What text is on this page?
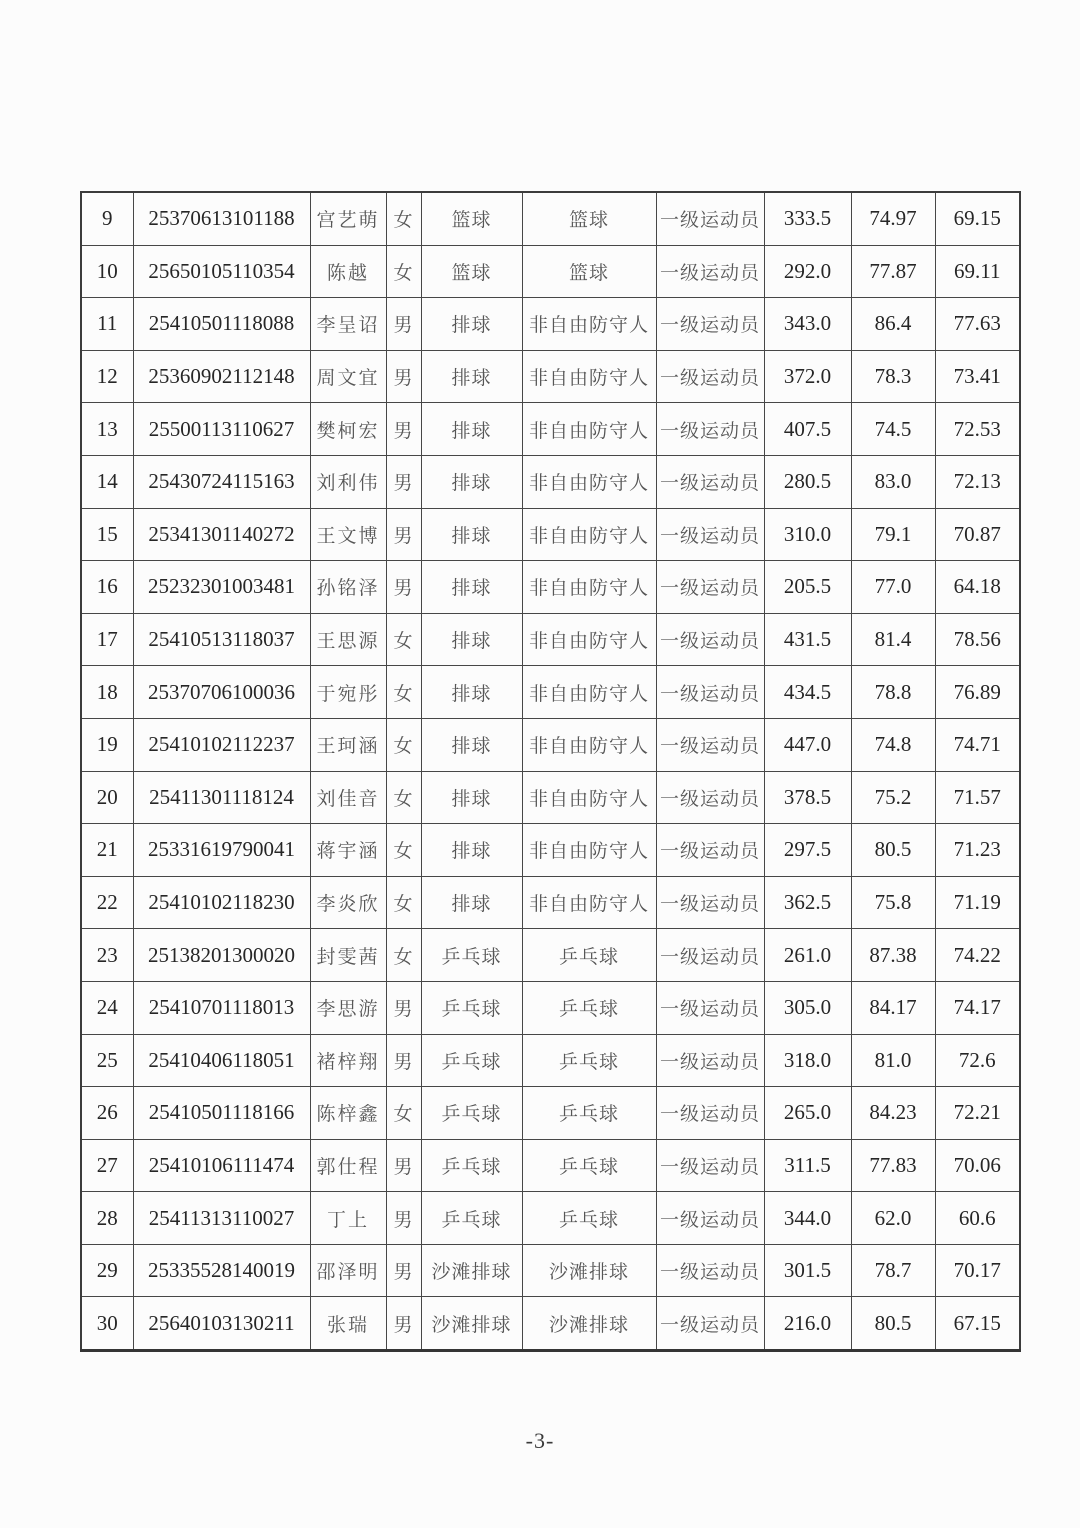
9	25370613101188	宫艺萌	女	篮球	篮球	一级运动员	333.5	74.97	69.15
10	25650105110354	陈越	女	篮球	篮球	一级运动员	292.0	77.87	69.11
11	25410501118088	李呈诏	男	排球	非自由防守人	一级运动员	343.0	86.4	77.63
12	25360902112148	周文宜	男	排球	非自由防守人	一级运动员	372.0	78.3	73.41
13	25500113110627	樊柯宏	男	排球	非自由防守人	一级运动员	407.5	74.5	72.53
14	25430724115163	刘利伟	男	排球	非自由防守人	一级运动员	280.5	83.0	72.13
15	25341301140272	王文博	男	排球	非自由防守人	一级运动员	310.0	79.1	70.87
16	25232301003481	孙铭泽	男	排球	非自由防守人	一级运动员	205.5	77.0	64.18
17	25410513118037	王思源	女	排球	非自由防守人	一级运动员	431.5	81.4	78.56
18	25370706100036	于宛彤	女	排球	非自由防守人	一级运动员	434.5	78.8	76.89
19	25410102112237	王珂涵	女	排球	非自由防守人	一级运动员	447.0	74.8	74.71
20	25411301118124	刘佳音	女	排球	非自由防守人	一级运动员	378.5	75.2	71.57
21	25331619790041	蒋宇涵	女	排球	非自由防守人	一级运动员	297.5	80.5	71.23
22	25410102118230	李炎欣	女	排球	非自由防守人	一级运动员	362.5	75.8	71.19
23	25138201300020	封雯茜	女	乒乓球	乒乓球	一级运动员	261.0	87.38	74.22
24	25410701118013	李思游	男	乒乓球	乒乓球	一级运动员	305.0	84.17	74.17
25	25410406118051	褚梓翔	男	乒乓球	乒乓球	一级运动员	318.0	81.0	72.6
26	25410501118166	陈梓鑫	女	乒乓球	乒乓球	一级运动员	265.0	84.23	72.21
27	25410106111474	郭仕程	男	乒乓球	乒乓球	一级运动员	311.5	77.83	70.06
28	25411313110027	丁上	男	乒乓球	乒乓球	一级运动员	344.0	62.0	60.6
29	25335528140019	邵泽明	男	沙滩排球	沙滩排球	一级运动员	301.5	78.7	70.17
30	25640103130211	张瑞	男	沙滩排球	沙滩排球	一级运动员	216.0	80.5	67.15
-3-
